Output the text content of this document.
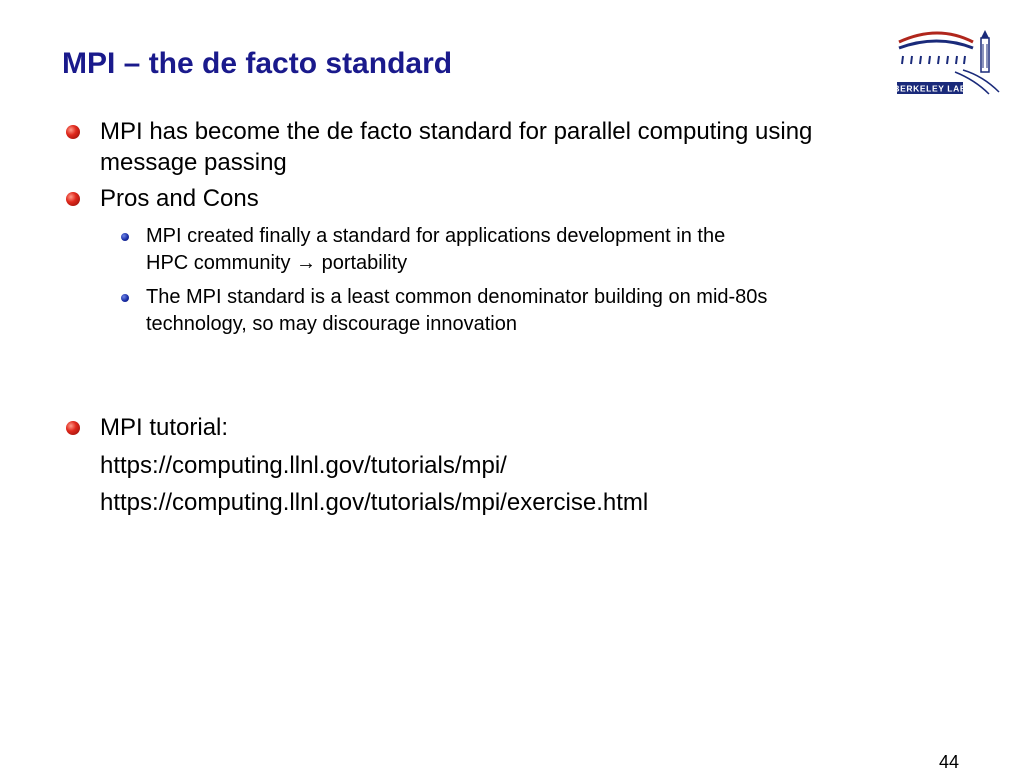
MPI – the de facto standard
BERKELEY LAB
MPI has become the de facto standard for parallel computing using
message passing
Pros and Cons
MPI created finally a standard for applications development in the
HPC community → portability
The MPI standard is a least common denominator building on mid-80s
technology, so may discourage innovation
MPI tutorial:
https://computing.llnl.gov/tutorials/mpi/
https://computing.llnl.gov/tutorials/mpi/exercise.html
44
